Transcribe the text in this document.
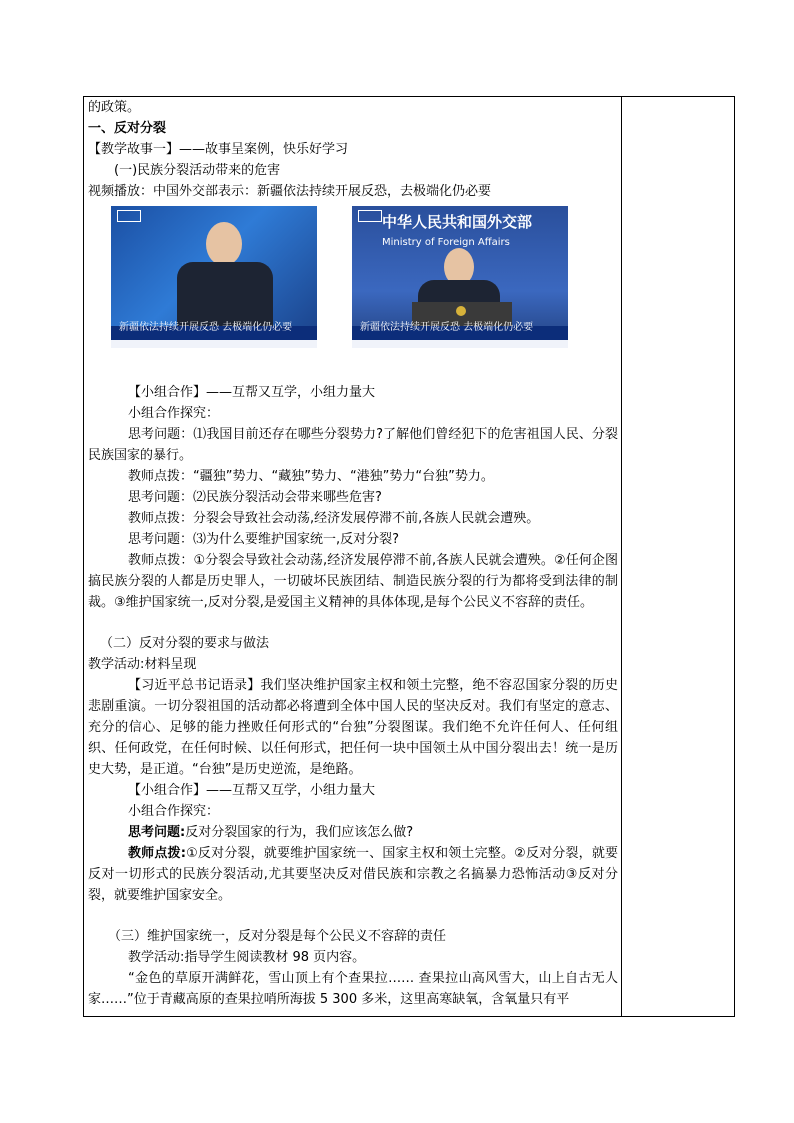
的政策。
一、反对分裂
【教学故事一】——故事呈案例，快乐好学习
(一)民族分裂活动带来的危害
视频播放：中国外交部表示：新疆依法持续开展反恐，去极端化仍必要
新疆依法持续开展反恐 去极端化仍必要
中华人民共和国外交部
Ministry of Foreign Affairs
新疆依法持续开展反恐 去极端化仍必要
【小组合作】——互帮又互学，小组力量大
小组合作探究：
思考问题：⑴我国目前还存在哪些分裂势力?了解他们曾经犯下的危害祖国人民、分裂民族国家的暴行。
教师点拨：“疆独”势力、“藏独”势力、“港独”势力“台独”势力。
思考问题：⑵民族分裂活动会带来哪些危害?
教师点拨：分裂会导致社会动荡,经济发展停滞不前,各族人民就会遭殃。
思考问题：⑶为什么要维护国家统一,反对分裂?
教师点拨：①分裂会导致社会动荡,经济发展停滞不前,各族人民就会遭殃。②任何企图搞民族分裂的人都是历史罪人，一切破坏民族团结、制造民族分裂的行为都将受到法律的制裁。③维护国家统一,反对分裂,是爱国主义精神的具体体现,是每个公民义不容辞的责任。
（二）反对分裂的要求与做法
教学活动:材料呈现
【习近平总书记语录】我们坚决维护国家主权和领土完整，绝不容忍国家分裂的历史悲剧重演。一切分裂祖国的活动都必将遭到全体中国人民的坚决反对。我们有坚定的意志、充分的信心、足够的能力挫败任何形式的“台独”分裂图谋。我们绝不允许任何人、任何组织、任何政党，在任何时候、以任何形式，把任何一块中国领土从中国分裂出去！统一是历史大势，是正道。“台独”是历史逆流，是绝路。
【小组合作】——互帮又互学，小组力量大
小组合作探究：
思考问题:反对分裂国家的行为，我们应该怎么做?
教师点拨:①反对分裂，就要维护国家统一、国家主权和领土完整。②反对分裂，就要反对一切形式的民族分裂活动,尤其要坚决反对借民族和宗教之名搞暴力恐怖活动③反对分裂，就要维护国家安全。
（三）维护国家统一，反对分裂是每个公民义不容辞的责任
教学活动:指导学生阅读教材 98 页内容。
“金色的草原开满鲜花，雪山顶上有个查果拉…… 查果拉山高风雪大，山上自古无人家……”位于青藏高原的查果拉哨所海拔 5 300 多米，这里高寒缺氧，含氧量只有平
